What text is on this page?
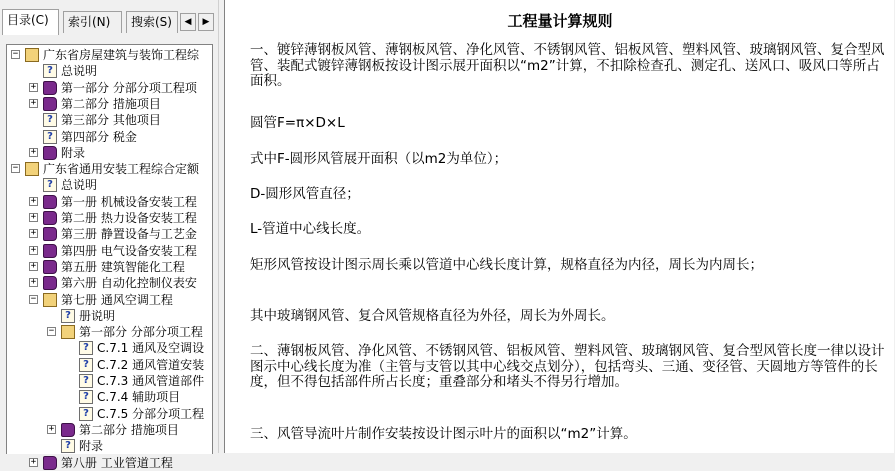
目录(C)	索引(N)	搜索(S)	◀	▶
− 广东省房屋建筑与装饰工程综
? 总说明
+ 第一部分 分部分项工程项
+ 第二部分 措施项目
? 第三部分 其他项目
? 第四部分 税金
+ 附录
− 广东省通用安装工程综合定额
? 总说明
+ 第一册 机械设备安装工程
+ 第二册 热力设备安装工程
+ 第三册 静置设备与工艺金
+ 第四册 电气设备安装工程
+ 第五册 建筑智能化工程
+ 第六册 自动化控制仪表安
− 第七册 通风空调工程
? 册说明
− 第一部分 分部分项工程
? C.7.1 通风及空调设
? C.7.2 通风管道安装
? C.7.3 通风管道部件
? C.7.4 辅助项目
? C.7.5 分部分项工程
+ 第二部分 措施项目
? 附录
+ 第八册 工业管道工程
工程量计算规则
一、镀锌薄钢板风管、薄钢板风管、净化风管、不锈钢风管、铝板风管、塑料风管、玻璃钢风管、复合型风管、装配式镀锌薄钢板按设计图示展开面积以“m2”计算，不扣除检查孔、测定孔、送风口、吸风口等所占面积。
圆管F=π×D×L
式中F-圆形风管展开面积（以m2为单位）；
D-圆形风管直径；
L-管道中心线长度。
矩形风管按设计图示周长乘以管道中心线长度计算，规格直径为内径，周长为内周长；
其中玻璃钢风管、复合风管规格直径为外径，周长为外周长。
二、薄钢板风管、净化风管、不锈钢风管、铝板风管、塑料风管、玻璃钢风管、复合型风管长度一律以设计图示中心线长度为准（主管与支管以其中心线交点划分），包括弯头、三通、变径管、天圆地方等管件的长度，但不得包括部件所占长度；重叠部分和堵头不得另行增加。
三、风管导流叶片制作安装按设计图示叶片的面积以“m2”计算。
